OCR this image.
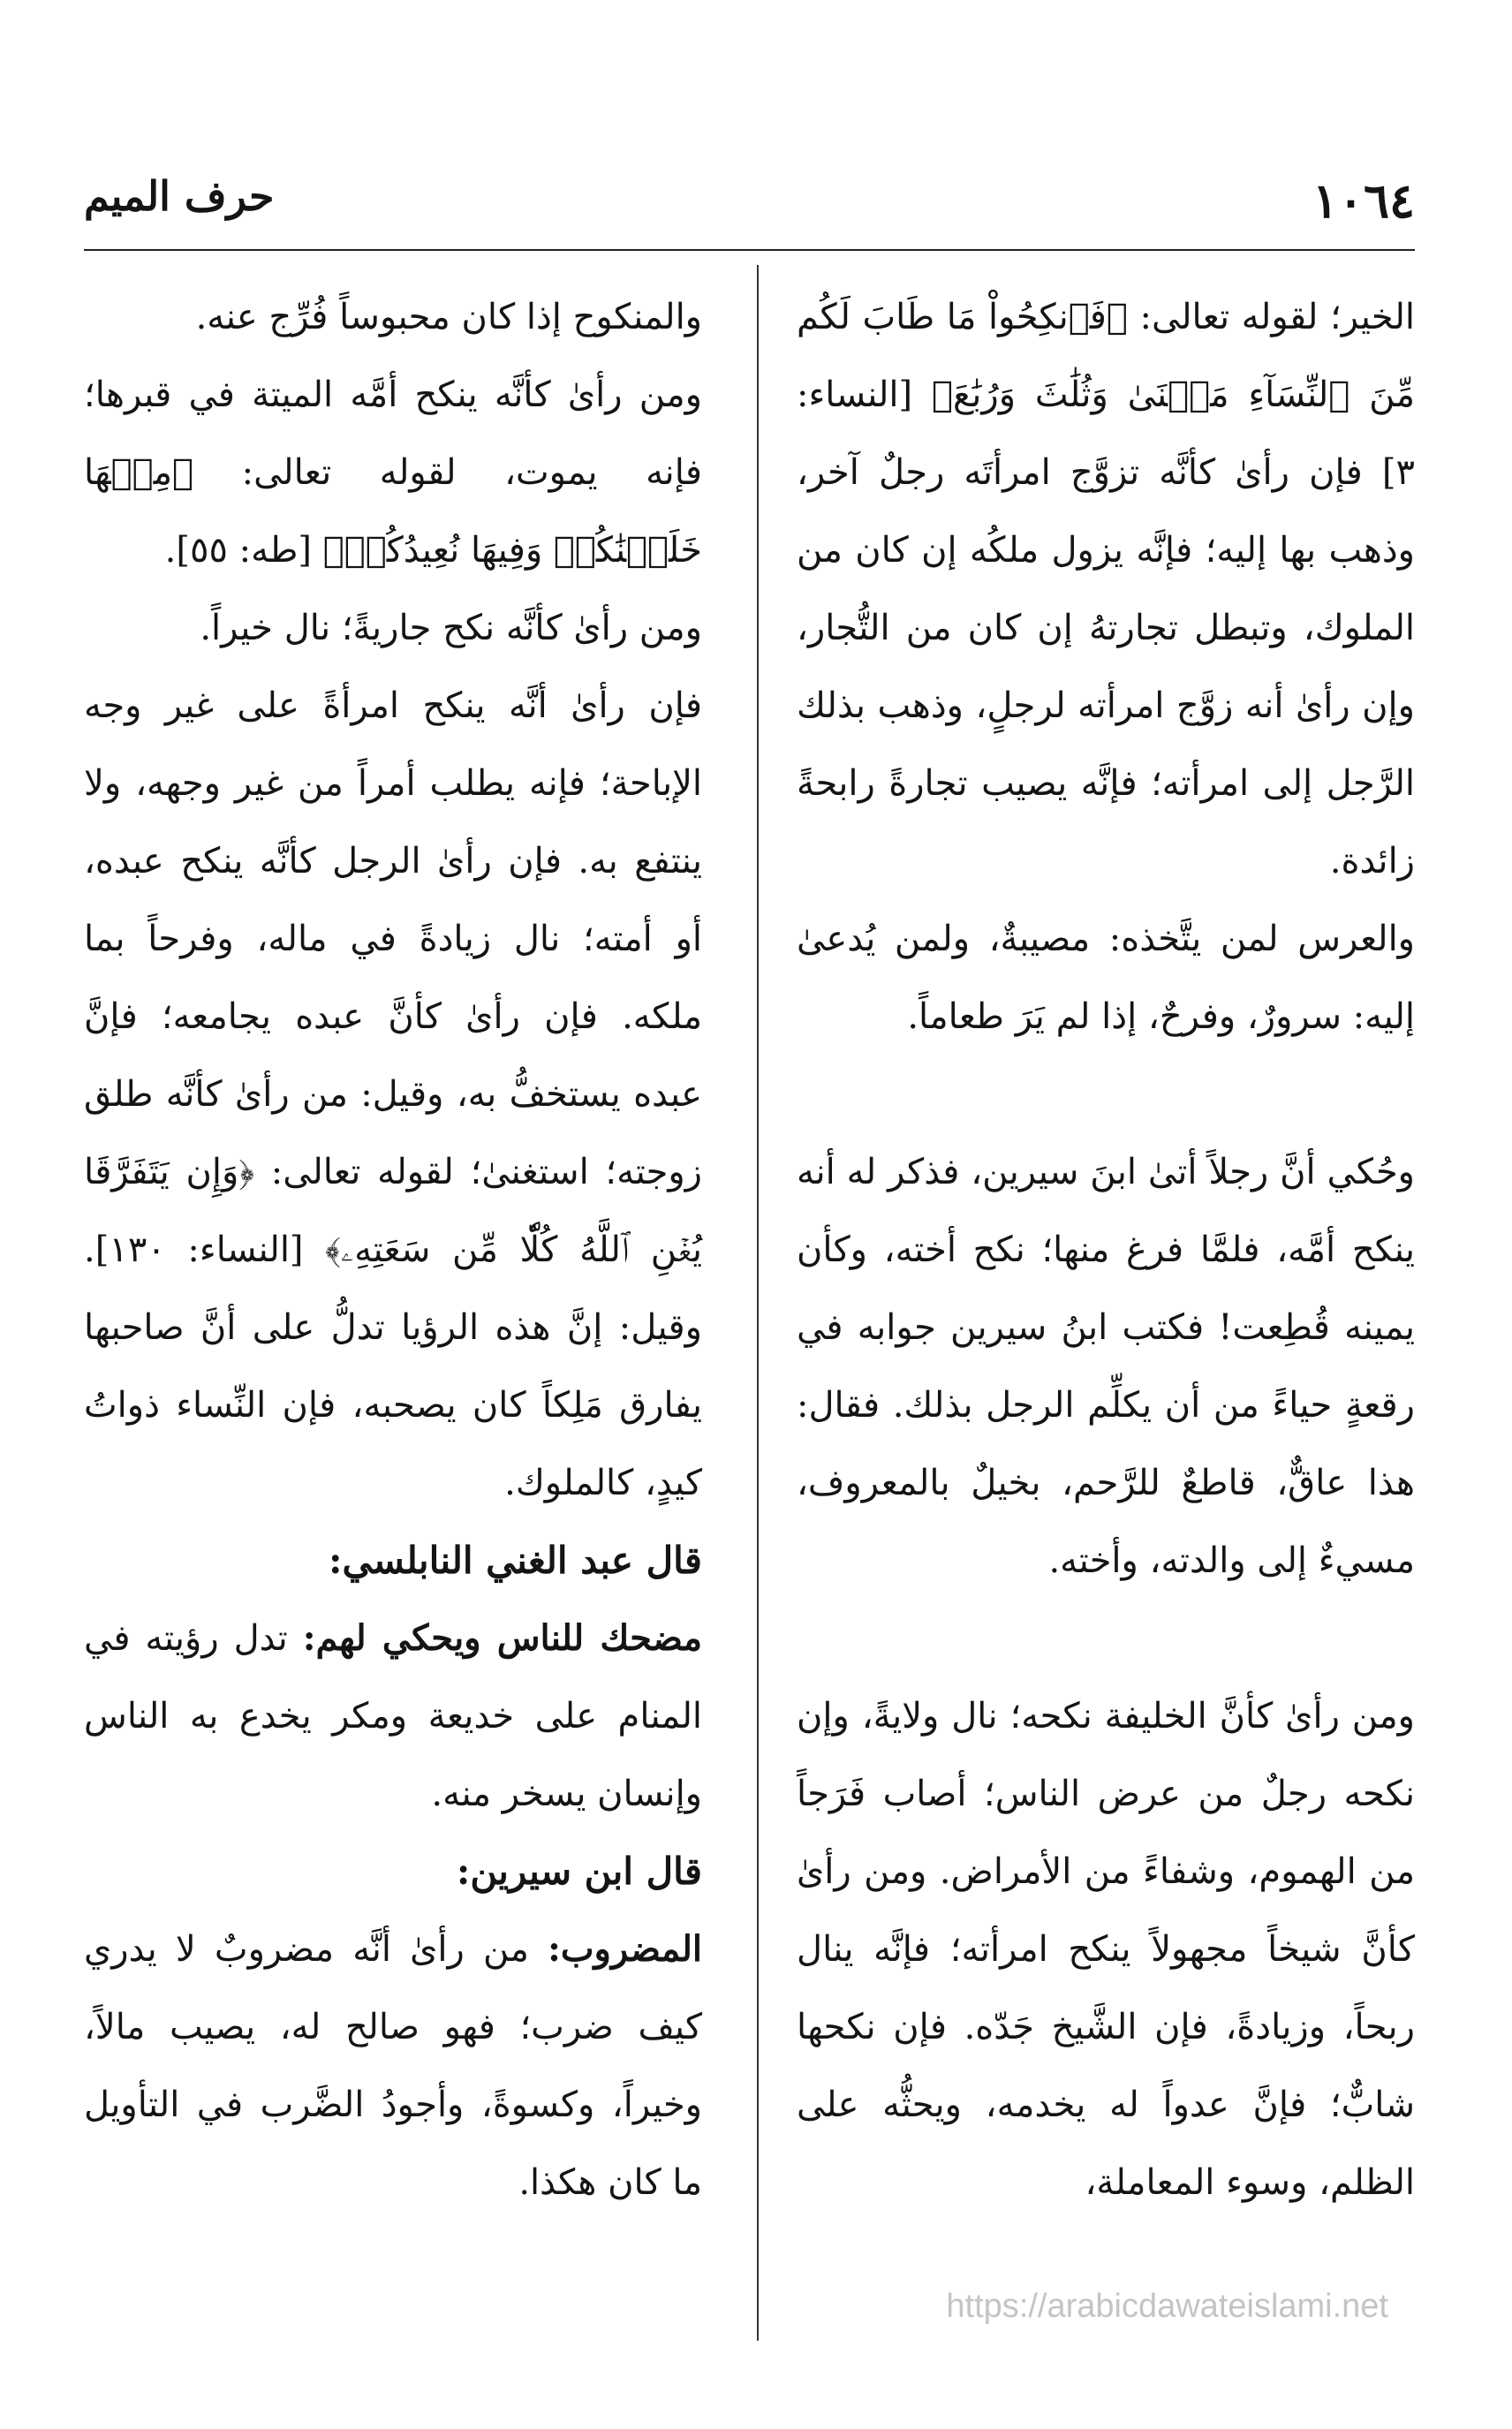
١٠٦٤
حرف الميم

الخير؛ لقوله تعالى: ﴿فَٱنكِحُواْ مَا طَابَ لَكُم مِّنَ ٱلنِّسَآءِ مَثۡنَىٰ وَثُلَٰثَ وَرُبَٰعَ﴾ [النساء: ٣] فإن رأىٰ كأنَّه تزوَّج امرأتَه رجلٌ آخر، وذهب بها إليه؛ فإنَّه يزول ملكُه إن كان من الملوك، وتبطل تجارتهُ إن كان من التُّجار، وإن رأىٰ أنه زوَّج امرأته لرجلٍ، وذهب بذلك الرَّجل إلى امرأته؛ فإنَّه يصيب تجارةً رابحةً زائدة.

والعرس لمن يتَّخذه: مصيبةٌ، ولمن يُدعىٰ إليه: سرورٌ، وفرحٌ، إذا لم يَرَ طعاماً.

وحُكي أنَّ رجلاً أتىٰ ابنَ سيرين، فذكر له أنه ينكح أمَّه، فلمَّا فرغ منها؛ نكح أخته، وكأن يمينه قُطِعت! فكتب ابنُ سيرين جوابه في رقعةٍ حياءً من أن يكلِّم الرجل بذلك. فقال: هذا عاقٌّ، قاطعٌ للرَّحم، بخيلٌ بالمعروف، مسيءٌ إلى والدته، وأخته.

ومن رأىٰ كأنَّ الخليفة نكحه؛ نال ولايةً، وإن نكحه رجلٌ من عرض الناس؛ أصاب فَرَجاً من الهموم، وشفاءً من الأمراض. ومن رأىٰ كأنَّ شيخاً مجهولاً ينكح امرأته؛ فإنَّه ينال ربحاً، وزيادةً، فإن الشَّيخ جَدّه. فإن نكحها شابٌّ؛ فإنَّ عدواً له يخدمه، ويحثُّه على الظلم، وسوء المعاملة،

والمنكوح إذا كان محبوساً فُرِّج عنه.

ومن رأىٰ كأنَّه ينكح أمَّه الميتة في قبرها؛ فإنه يموت، لقوله تعالى: ﴿مِنۡهَا خَلَقۡنَٰكُمۡ وَفِيهَا نُعِيدُكُمۡ﴾ [طه: ٥٥].

ومن رأىٰ كأنَّه نكح جاريةً؛ نال خيراً.

فإن رأىٰ أنَّه ينكح امرأةً على غير وجه الإباحة؛ فإنه يطلب أمراً من غير وجهه، ولا ينتفع به. فإن رأىٰ الرجل كأنَّه ينكح عبده، أو أمته؛ نال زيادةً في ماله، وفرحاً بما ملكه. فإن رأىٰ كأنَّ عبده يجامعه؛ فإنَّ عبده يستخفُّ به، وقيل: من رأىٰ كأنَّه طلق زوجته؛ استغنىٰ؛ لقوله تعالى: ﴿وَإِن يَتَفَرَّقَا يُغۡنِ ٱللَّهُ كُلّٗا مِّن سَعَتِهِۦ﴾ [النساء: ١٣٠]. وقيل: إنَّ هذه الرؤيا تدلُّ على أنَّ صاحبها يفارق مَلِكاً كان يصحبه، فإن النِّساء ذواتُ كيدٍ، كالملوك.

قال عبد الغني النابلسي:

مضحك للناس ويحكي لهم: تدل رؤيته في المنام على خديعة ومكر يخدع به الناس وإنسان يسخر منه.

قال ابن سيرين:

المضروب: من رأىٰ أنَّه مضروبٌ لا يدري كيف ضرب؛ فهو صالح له، يصيب مالاً، وخيراً، وكسوةً، وأجودُ الضَّرب في التأويل ما كان هكذا.

https://arabicdawateislami.net
